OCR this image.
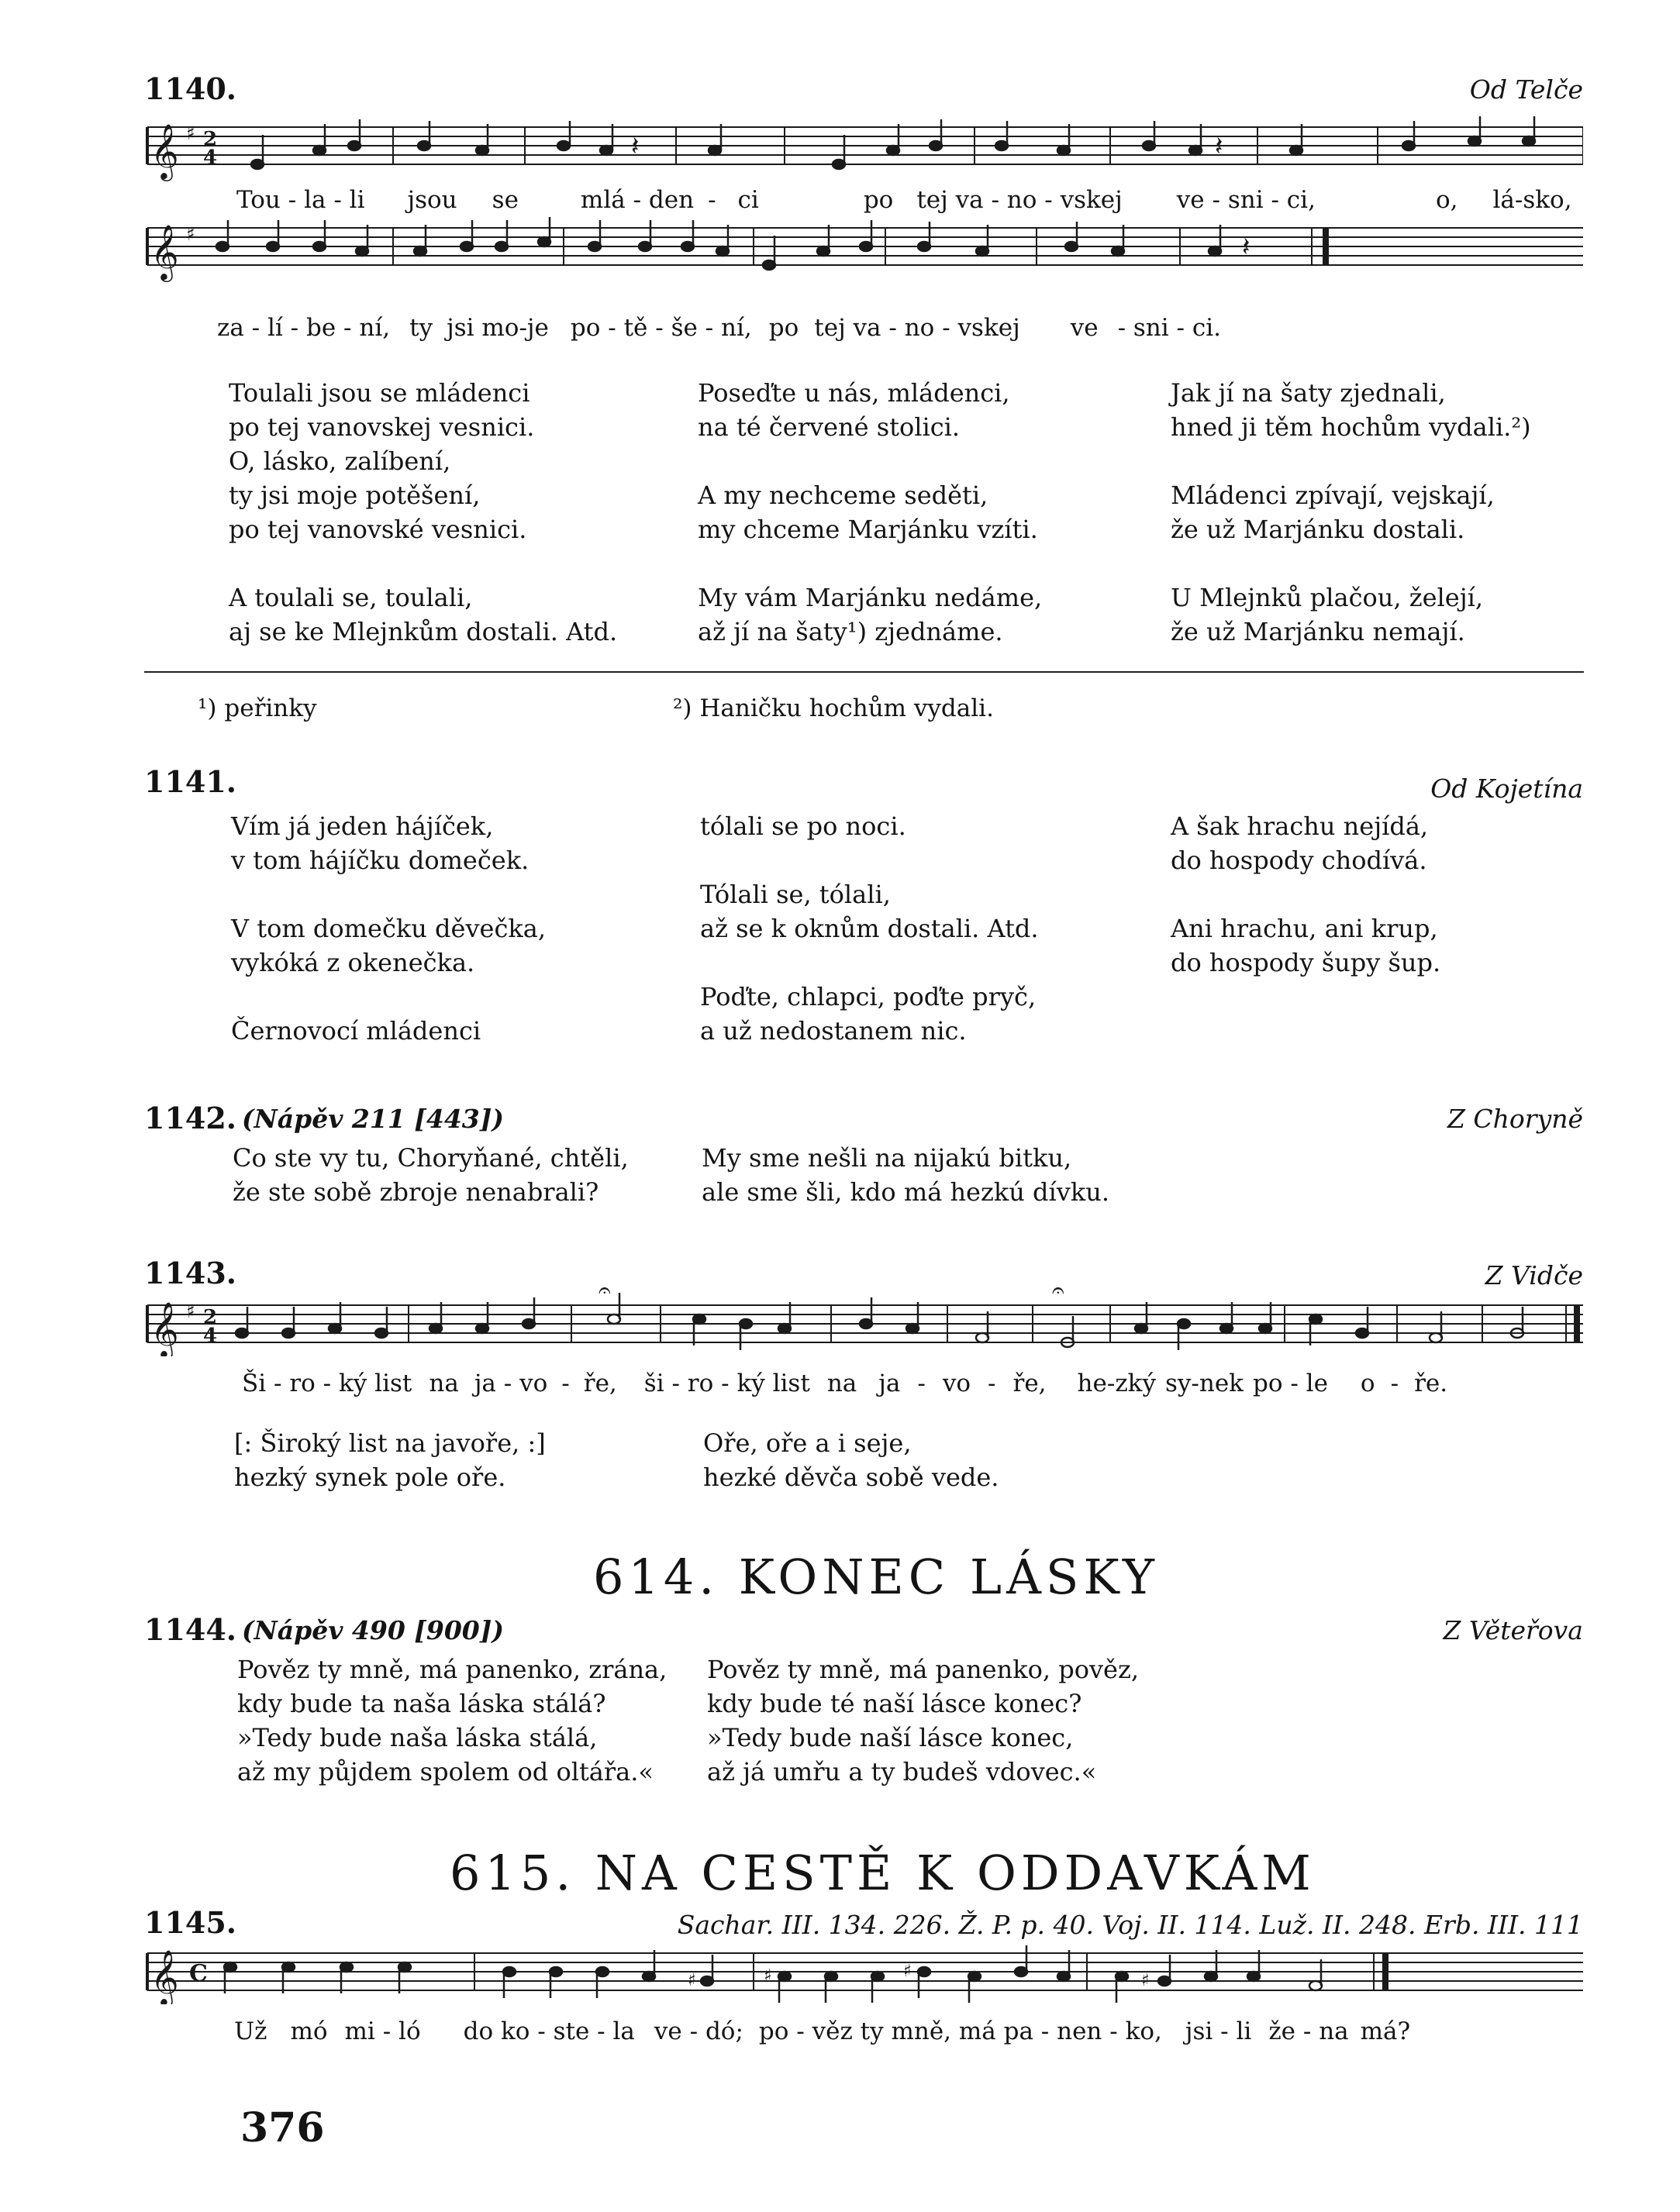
1140.	Od Telče
𝄞 ♯ 2
4	𝄽	𝄽
Tou - la - li jsou se	mlá - den - ci	po tej va - no - vskej ve - sni - ci,	o, lá-sko,
𝄞 ♯	𝄽
za - lí - be - ní, ty jsi mo-je po - tě - še - ní, po tej va - no - vskej ve - sni - ci.
Toulali jsou se mládenci
po tej vanovskej vesnici.
O, lásko, zalíbení,
ty jsi moje potěšení,
po tej vanovské vesnici.

A toulali se, toulali,
aj se ke Mlejnkům dostali. Atd.
Poseďte u nás, mládenci,
na té červené stolici.

A my nechceme seděti,
my chceme Marjánku vzíti.

My vám Marjánku nedáme,
až jí na šaty¹) zjednáme.
Jak jí na šaty zjednali,
hned ji těm hochům vydali.²)

Mládenci zpívají, vejskají,
že už Marjánku dostali.

U Mlejnků plačou, želejí,
že už Marjánku nemají.
¹) peřinky	²) Haničku hochům vydali.
1141.	Od Kojetína
Vím já jeden hájíček,
v tom hájíčku domeček.

V tom domečku děvečka,
vykóká z okenečka.

Černovocí mládenci
tólali se po noci.

Tólali se, tólali,
až se k oknům dostali. Atd.

Poďte, chlapci, poďte pryč,
a už nedostanem nic.
A šak hrachu nejídá,
do hospody chodívá.

Ani hrachu, ani krup,
do hospody šupy šup.
1142. (Nápěv 211 [443])	Z Choryně
Co ste vy tu, Choryňané, chtěli,
že ste sobě zbroje nenabrali?
My sme nešli na nijakú bitku,
ale sme šli, kdo má hezkú dívku.
1143.	Z Vidče
𝄞 ♯ 2
4
𝄐	𝄐
Ši - ro - ký list na ja - vo - ře, ši - ro - ký list na ja - vo - ře, he-zký sy-nek po - le o - ře.
[: Široký list na javoře, :]
hezký synek pole oře.
Oře, oře a i seje,
hezké děvča sobě vede.
614. KONEC LÁSKY
1144. (Nápěv 490 [900])	Z Věteřova
Pověz ty mně, má panenko, zrána,
kdy bude ta naša láska stálá?
»Tedy bude naša láska stálá,
až my půjdem spolem od oltářa.«
Pověz ty mně, má panenko, pověz,
kdy bude té naší lásce konec?
»Tedy bude naší lásce konec,
až já umřu a ty budeš vdovec.«
615. NA CESTĚ K ODDAVKÁM
1145.	Sachar. III. 134. 226. Ž. P. p. 40. Voj. II. 114. Luž. II. 248. Erb. III. 111
𝄞 C	♯	♯	♯	♯
Už mó mi - ló do ko - ste - la ve - dó; po - věz ty mně, má pa - nen - ko, jsi - li že - na má?
376
